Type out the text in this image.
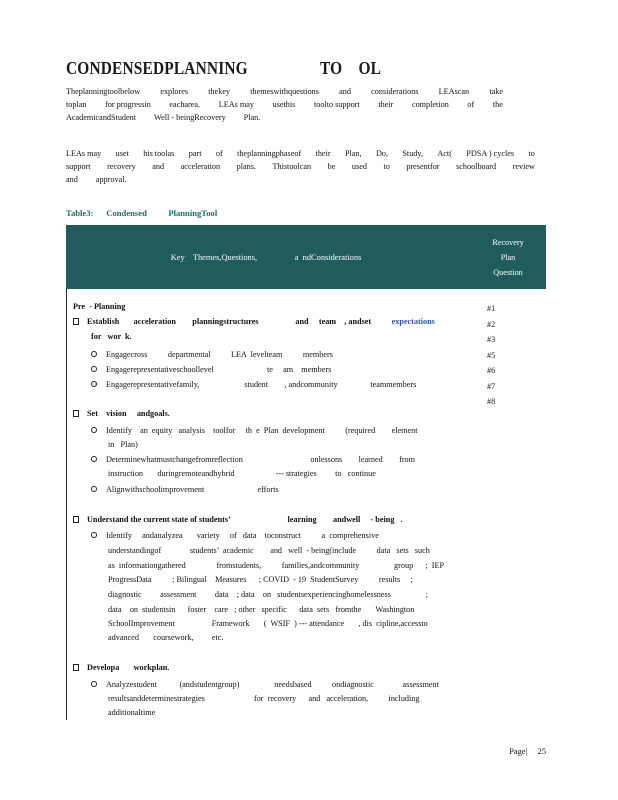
CONDENSEDPLANNING                  TO    OL
Theplanningtoolbelow explores thekey themeswithquestions and considerations LEAscan take
toplan for progressin eacharea. LEAs may usethis toolto support their completion of the
AcademicandStudent Well - beingRecovery Plan.
LEAs may uset his toolas part of theplanningphaseof their Plan, Do, Study, Act( PDSA ) cycles to
support recovery and acceleration plans. Thistoolcan be used to presentfor schoolboard review
and approval.
Table3:      Condensed          PlanningTool
Key    Themes,Questions,                  a  ndConsiderations
Recovery
Plan
Question
Pre  - Planning
Establish       acceleration        planningstructures                  and     team    , andset expectations
for   wor  k.
Engagecross          departmental          LEA  levelteam          members
Engagerepresentativeschoollevel                          te     am    members
Engagerepresentativefamily,                      student        , andcommunity                teammembers
Set    vision     andgoals.
Identify    an  equity   analysis    toolfor     th  e  Plan  development          (required        element
in   Plan)
Determinewhatmustchangefromreflection                                 onlessons        learned        from
instruction       duringremoteandhybrid                    --- strategies         to   continue
Alignwithschoolimprovement                          efforts
Understand the current state of students’                            learning        andwell     - being   .
Identify     andanalyzea       variety     of   data    toconstruct          a  comprehensive
understandingof              students’  academic        and   well  - being(include          data   sets   such
as  informationgathered               fromstudents,          families,andcommunity                 group      ;  IEP
ProgressData          ; Bilingual    Measures      ; COVID  - 19  StudentSurvey          results     ;
diagnostic         assessment         data    ; data    on   studentsexperiencinghomelessness                 ;
data    on  studentsin      foster    care   ; other   specific      data  sets   fromthe       Washington
SchoolImprovement                  Framework       (  WSIF  ) --- attendance       , dis  cipline,accessto
advanced       coursework,         etc.
Developa       workplan.
Analyzestudent           (andstudentgroup)                 needsbased          ondiagnostic              assessment
resultsanddeterminestrategies                        for  recovery      and   acceleration,          including
additionaltime
#1
#2
#3
#5
#6
#7
#8
Page| 25
